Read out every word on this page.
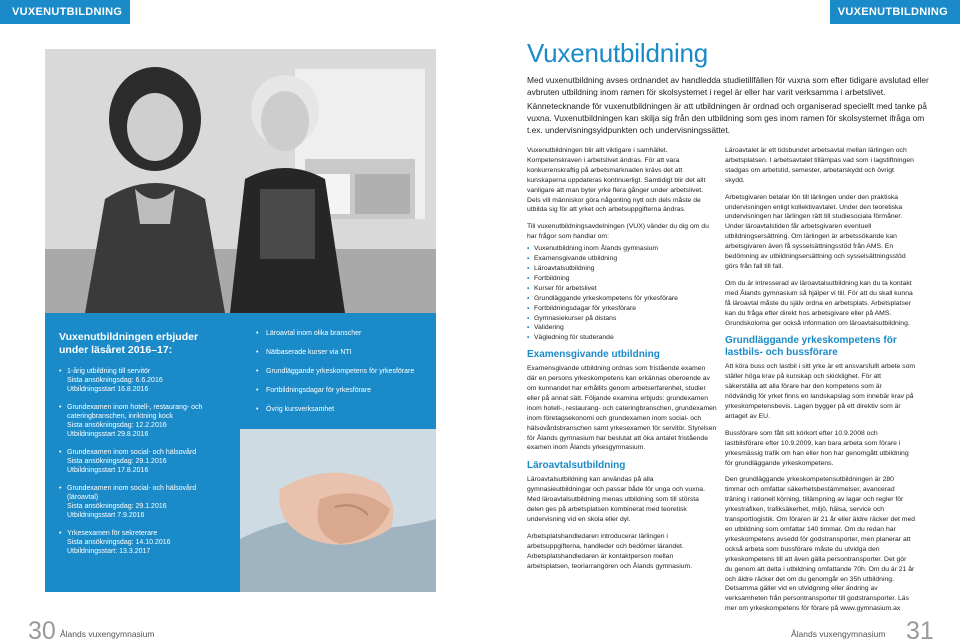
VUXENUTBILDNING	VUXENUTBILDNING
Vuxenutbildningen erbjuder under läsåret 2016–17:
• 1-årig utbildning till servitör
Sista ansökningsdag: 6.6.2016
Utbildningsstart 16.8.2016
• Grundexamen inom hotell-, restaurang- och cateringbranschen, inriktning kock
Sista ansökningsdag: 12.2.2016
Utbildningsstart 29.8.2016
• Grundexamen inom social- och hälsovård
Sista ansökningsdag: 29.1.2016
Utbildningsstart 17.8.2016
• Grundexamen inom social- och hälsovård (läroavtal)
Sista ansökningsdag: 29.1.2016
Utbildningsstart 7.9.2016
• Yrkesexamen för sekreterare
Sista ansökningsdag: 14.10.2016
Utbildningsstart: 13.3.2017
• Läroavtal inom olika branscher
• Nätbaserade kurser via NTI
• Grundläggande yrkeskompetens för yrkesförare
• Fortbildningsdagar för yrkesförare
• Övrig kursverksamhet
Vuxenutbildning

Med vuxenutbildning avses ordnandet av handledda studietillfällen för vuxna som efter tidigare avslutad eller avbruten utbildning inom ramen för skolsystemet i regel är eller har varit verksamma i arbetslivet.

Kännetecknande för vuxenutbildningen är att utbildningen är ordnad och organiserad speciellt med tanke på vuxna. Vuxenutbildningen kan skilja sig från den utbildning som ges inom ramen för skolsystemet ifråga om t.ex. undervisningsyidpunkten och undervisningssättet.

Vuxenutbildningen blir allt viktigare i samhället. Kompetenskraven i arbetslivet ändras. För att vara konkurrenskraftig på arbetsmarknaden krävs det att kunskaperna uppdateras kontinuerligt. Samtidigt blir det allt vanligare att man byter yrke flera gånger under arbetslivet. Dels vill människor göra någonting nytt och dels måste de utbilda sig för att yrket och arbetsuppgifterna ändras.

Till vuxenutbildningsavdelningen (VUX) vänder du dig om du har frågor som handlar om:

• Vuxenutbildning inom Ålands gymnasium
• Examensgivande utbildning
• Läroavtalsutbildning
• Fortbildning
• Kurser för arbetslivet
• Grundläggande yrkeskompetens för yrkesförare
• Fortbildningsdagar för yrkesförare
• Gymnasiekurser på distans
• Validering
• Vägledning för studerande
Examensgivande utbildning

Examensgivande utbildning ordnas som fristående examen där en persons yrkeskompetens kan erkännas oberoende av om kunnandet har erhållits genom arbetserfarenhet, studier eller på annat sätt. Följande examina erbjuds: grundexamen inom hotell-, restaurang- och cateringbranschen, grundexamen inom företagsekonomi och grundexamen inom social- och hälsovårdsbranschen samt yrkesexamen för servitör. Styrelsen för Ålands gymnasium har beslutat att öka antalet fristående examen inom Ålands yrkesgymnasium.

Läroavtalsutbildning

Läroavtalsutbildning kan användas på alla gymnasieutbildningar och passar både för unga och vuxna. Med läroavtalsutbildning menas utbildning som till största delen ges på arbetsplatsen kombinerat med teoretisk undervisning vid en skola eller dyl.

Arbetsplatshandledaren introducerar lärlingen i arbetsuppgifterna, handleder och bedömer lärandet. Arbetsplatshandledaren är kontaktperson mellan arbetsplatsen, teoriarrangören och Ålands gymnasium.

Läroavtalet är ett tidsbundet arbetsavtal mellan lärlingen och arbetsplatsen. I arbetsavtalet tillämpas vad som i lagstiftningen stadgas om arbetstid, semester, arbetarskydd och övrigt skydd.

Arbetsgivaren betalar lön till lärlingen under den praktiska undervisningen enligt kollektivavtalet. Under den teoretiska undervisningen har lärlingen rätt till studiesociala förmåner. Under läroavtalstiden får arbetsgivaren eventuell utbildningsersättning. Om lärlingen är arbetssökande kan arbetsgivaren även få sysselsättningsstöd från AMS. En bedömning av utbildningsersättning och sysselsättningsstöd görs från fall till fall.

Om du är intresserad av läroavtalsutbildning kan du ta kontakt med Ålands gymnasium så hjälper vi till. För att du skall kunna få läroavtal måste du själv ordna en arbetsplats. Arbetsplatser kan du fråga efter direkt hos arbetsgivare eller på AMS. Grundskolorna ger också information om läroavtalsutbildning.

Grundläggande yrkeskompetens för lastbils- och bussförare

Att köra buss och lastbil i sitt yrke är ett ansvarsfullt arbete som ställer höga krav på kunskap och skicklighet. För att säkerställa att alla förare har den kompetens som är nödvändig för yrket finns en landskapslag som innebär krav på yrkeskompetensbevis. Lagen bygger på ett direktiv som är antaget av EU.

Bussförare som fått sitt körkort efter 10.9.2008 och lastbilsförare efter 10.9.2009, kan bara arbeta som förare i yrkesmässig trafik om han eller hon har genomgått utbildning för grundläggande yrkeskompetens.

Den grundläggande yrkeskompetensutbildningen är 280 timmar och omfattar säkerhetsbestämmelser, avancerad träning i rationell körning, tillämpning av lagar och regler för yrkestrafiken, trafiksäkerhet, miljö, hälsa, service och transportlogistik. Om föraren är 21 år eller äldre räcker det med en utbildning som omfattar 140 timmar. Om du redan har yrkeskompetens avsedd för godstransporter, men planerar att också arbeta som bussförare måste du utvidga den yrkeskompetens till att även gälla persontransporter. Det gör du genom att delta i utbildning omfattande 70h. Om du är 21 år och äldre räcker det om du genomgår en 35h utbildning. Detsamma gäller vid en utvidgning eller ändring av verksamheten från persontransporter till godstransporter. Läs mer om yrkeskompetens för förare på www.gymnasium.ax

30 Ålands vuxengymnasium	Ålands vuxengymnasium 31
